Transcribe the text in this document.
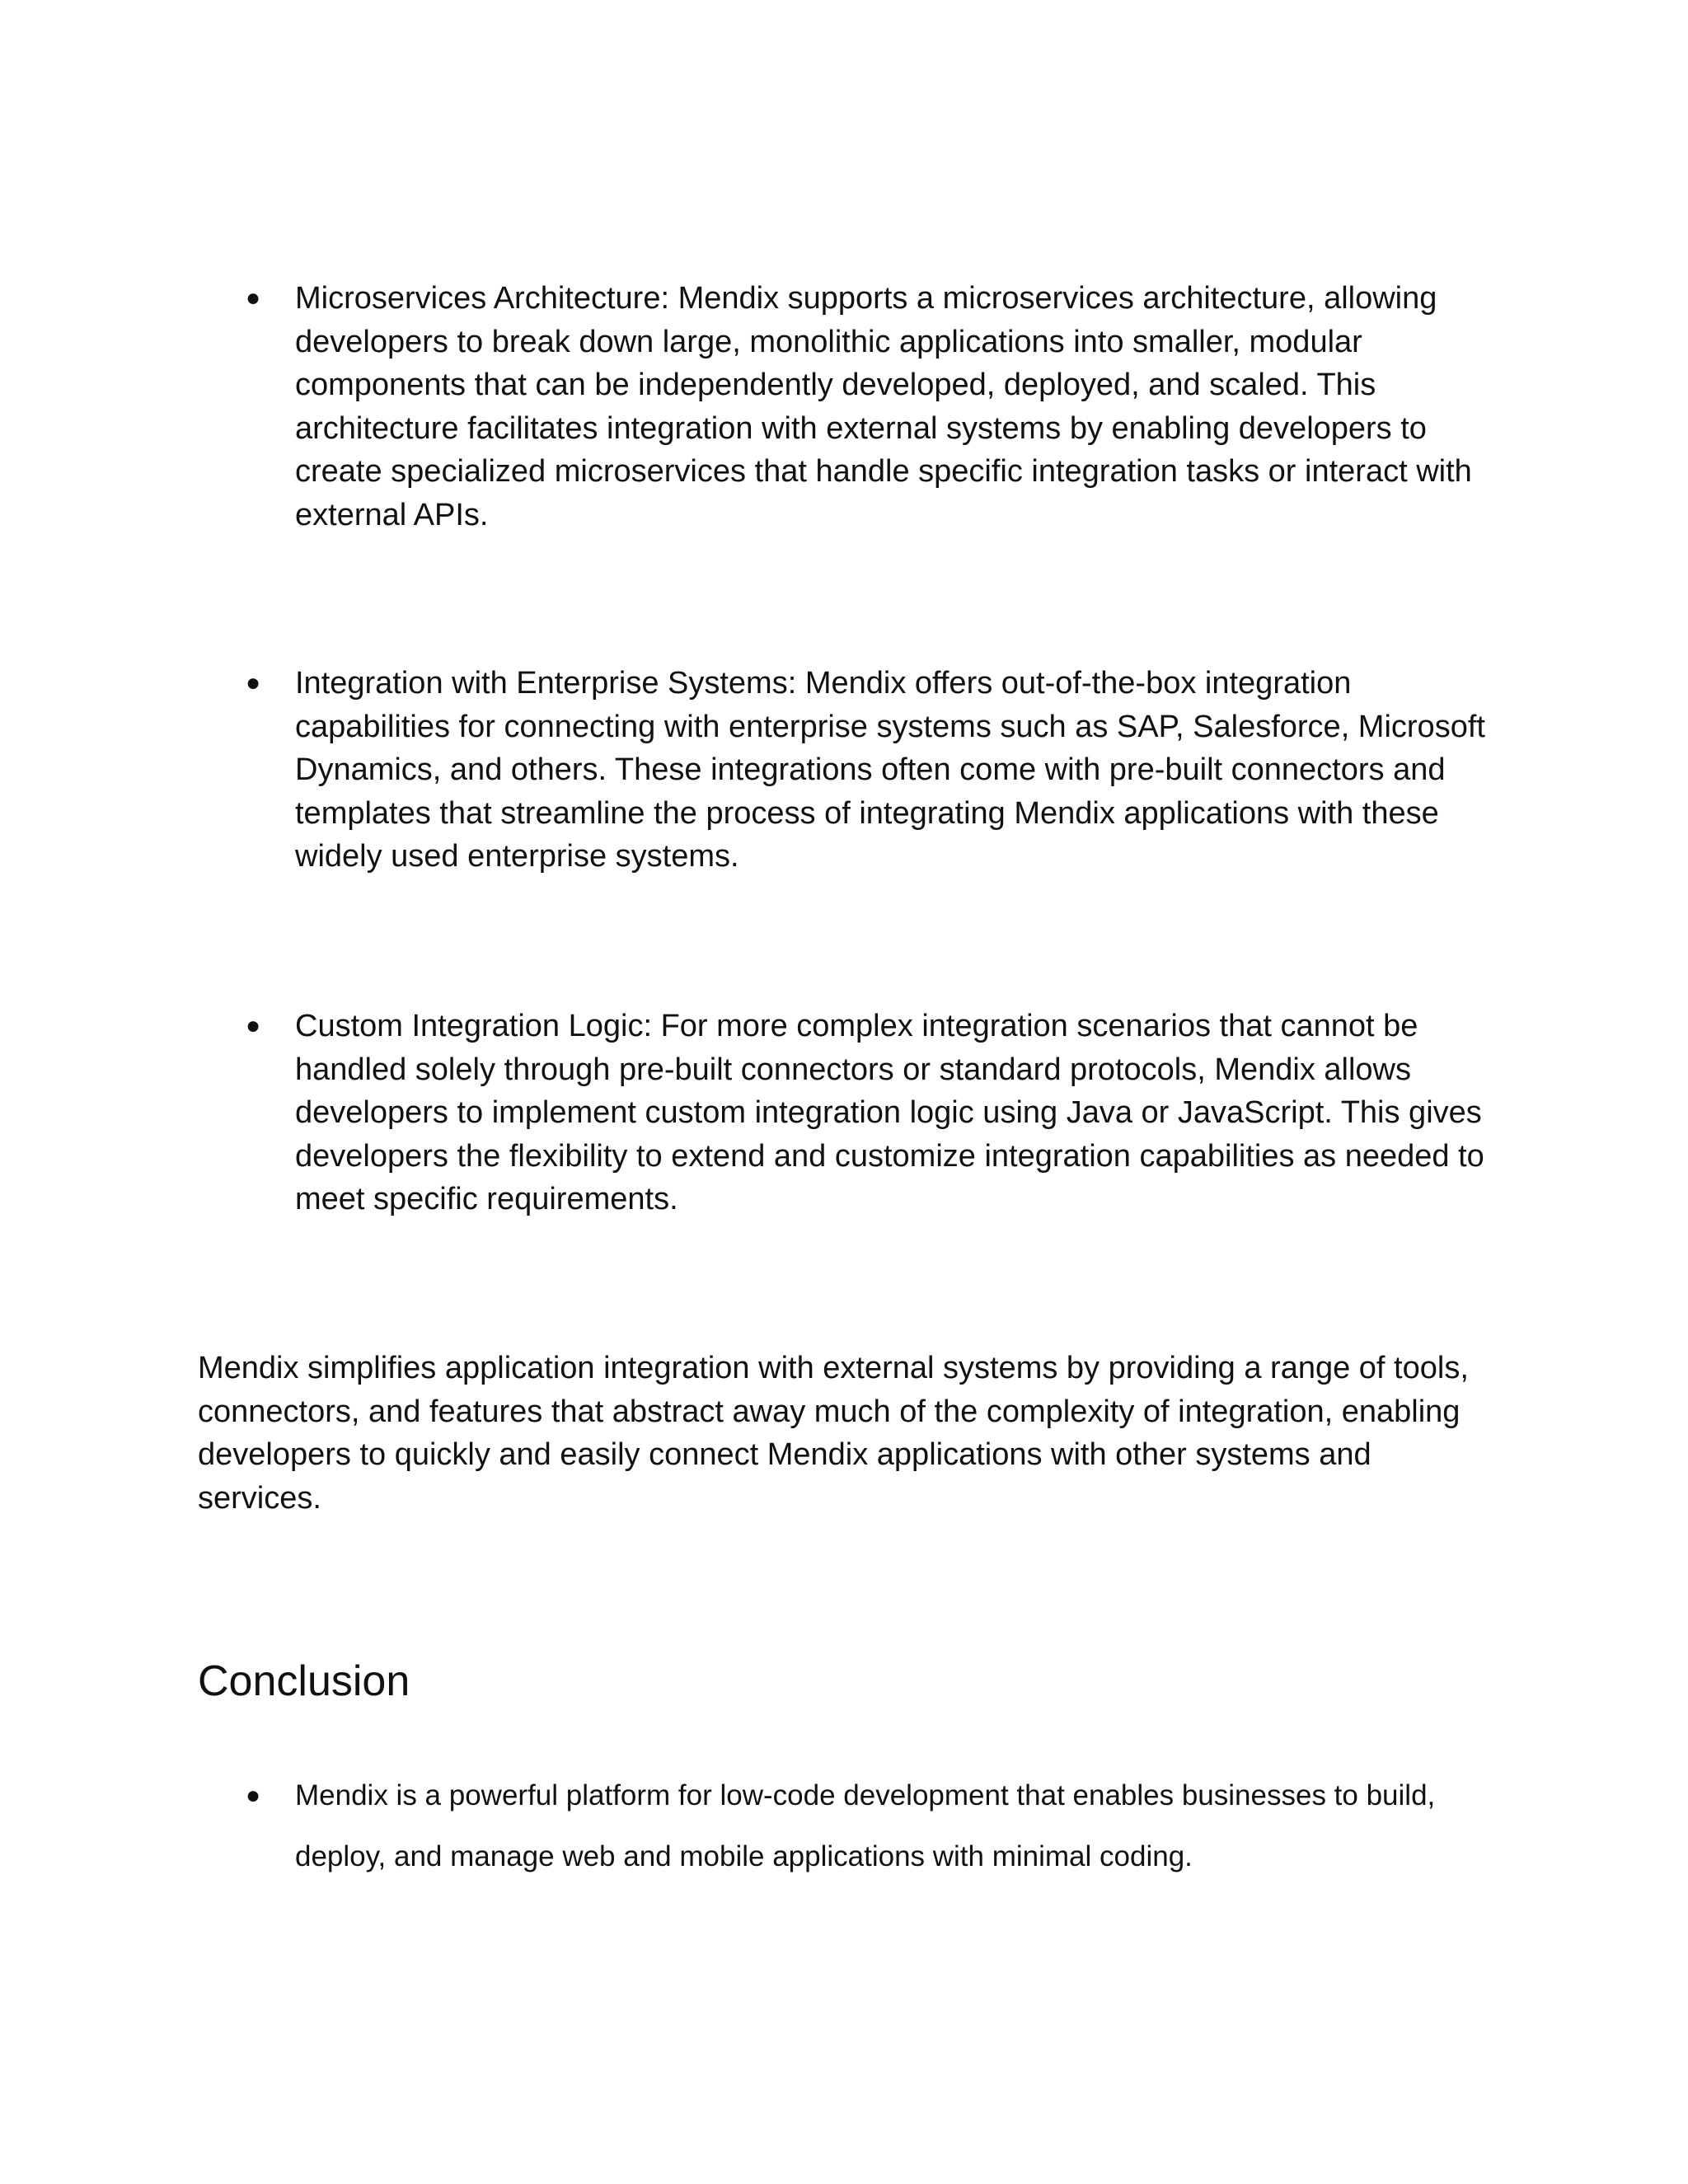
●	Microservices Architecture: Mendix supports a microservices architecture, allowing developers to break down large, monolithic applications into smaller, modular components that can be independently developed, deployed, and scaled. This architecture facilitates integration with external systems by enabling developers to create specialized microservices that handle specific integration tasks or interact with external APIs.
●	Integration with Enterprise Systems: Mendix offers out-of-the-box integration capabilities for connecting with enterprise systems such as SAP, Salesforce, Microsoft Dynamics, and others. These integrations often come with pre-built connectors and templates that streamline the process of integrating Mendix applications with these widely used enterprise systems.
●	Custom Integration Logic: For more complex integration scenarios that cannot be handled solely through pre-built connectors or standard protocols, Mendix allows developers to implement custom integration logic using Java or JavaScript. This gives developers the flexibility to extend and customize integration capabilities as needed to meet specific requirements.

Mendix simplifies application integration with external systems by providing a range of tools, connectors, and features that abstract away much of the complexity of integration, enabling developers to quickly and easily connect Mendix applications with other systems and services.

Conclusion
●	Mendix is a powerful platform for low-code development that enables businesses to build, deploy, and manage web and mobile applications with minimal coding.
